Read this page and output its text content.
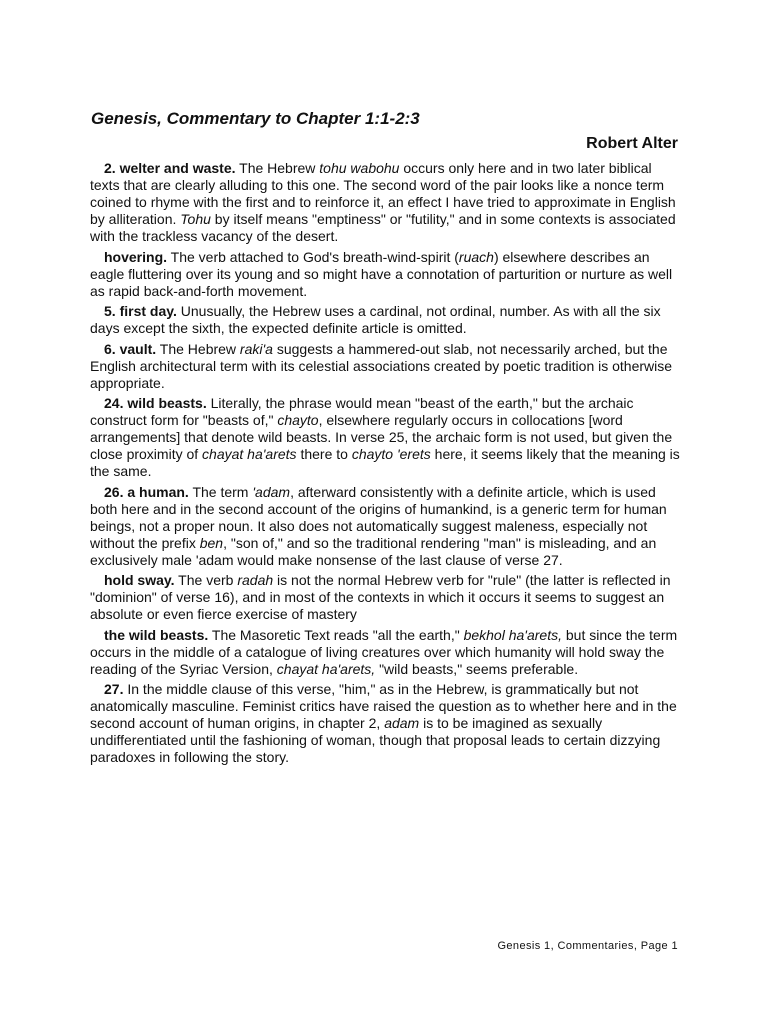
Genesis, Commentary to Chapter 1:1-2:3

Robert Alter

2. welter and waste. The Hebrew tohu wabohu occurs only here and in two later biblical texts that are clearly alluding to this one. The second word of the pair looks like a nonce term coined to rhyme with the first and to reinforce it, an effect I have tried to approximate in English by alliteration. Tohu by itself means "emptiness" or "futility," and in some contexts is associated with the trackless vacancy of the desert.

hovering. The verb attached to God's breath-wind-spirit (ruach) elsewhere describes an eagle fluttering over its young and so might have a connotation of parturition or nurture as well as rapid back-and-forth movement.

5. first day. Unusually, the Hebrew uses a cardinal, not ordinal, number. As with all the six days except the sixth, the expected definite article is omitted.

6. vault. The Hebrew raki'a suggests a hammered-out slab, not necessarily arched, but the English architectural term with its celestial associations created by poetic tradition is otherwise appropriate.

24. wild beasts. Literally, the phrase would mean "beast of the earth," but the archaic construct form for "beasts of," chayto, elsewhere regularly occurs in collocations [word arrangements] that denote wild beasts. In verse 25, the archaic form is not used, but given the close proximity of chayat ha'arets there to chayto 'erets here, it seems likely that the meaning is the same.

26. a human. The term 'adam, afterward consistently with a definite article, which is used both here and in the second account of the origins of humankind, is a generic term for human beings, not a proper noun. It also does not automatically suggest maleness, especially not without the prefix ben, "son of," and so the traditional rendering "man" is misleading, and an exclusively male 'adam would make nonsense of the last clause of verse 27.

hold sway. The verb radah is not the normal Hebrew verb for "rule" (the latter is reflected in "dominion" of verse 16), and in most of the contexts in which it occurs it seems to suggest an absolute or even fierce exercise of mastery

the wild beasts. The Masoretic Text reads "all the earth," bekhol ha'arets, but since the term occurs in the middle of a catalogue of living creatures over which humanity will hold sway the reading of the Syriac Version, chayat ha'arets, "wild beasts," seems preferable.

27. In the middle clause of this verse, "him," as in the Hebrew, is grammatically but not anatomically masculine. Feminist critics have raised the question as to whether here and in the second account of human origins, in chapter 2, adam is to be imagined as sexually undifferentiated until the fashioning of woman, though that proposal leads to certain dizzying paradoxes in following the story.

Genesis 1, Commentaries, Page 1
